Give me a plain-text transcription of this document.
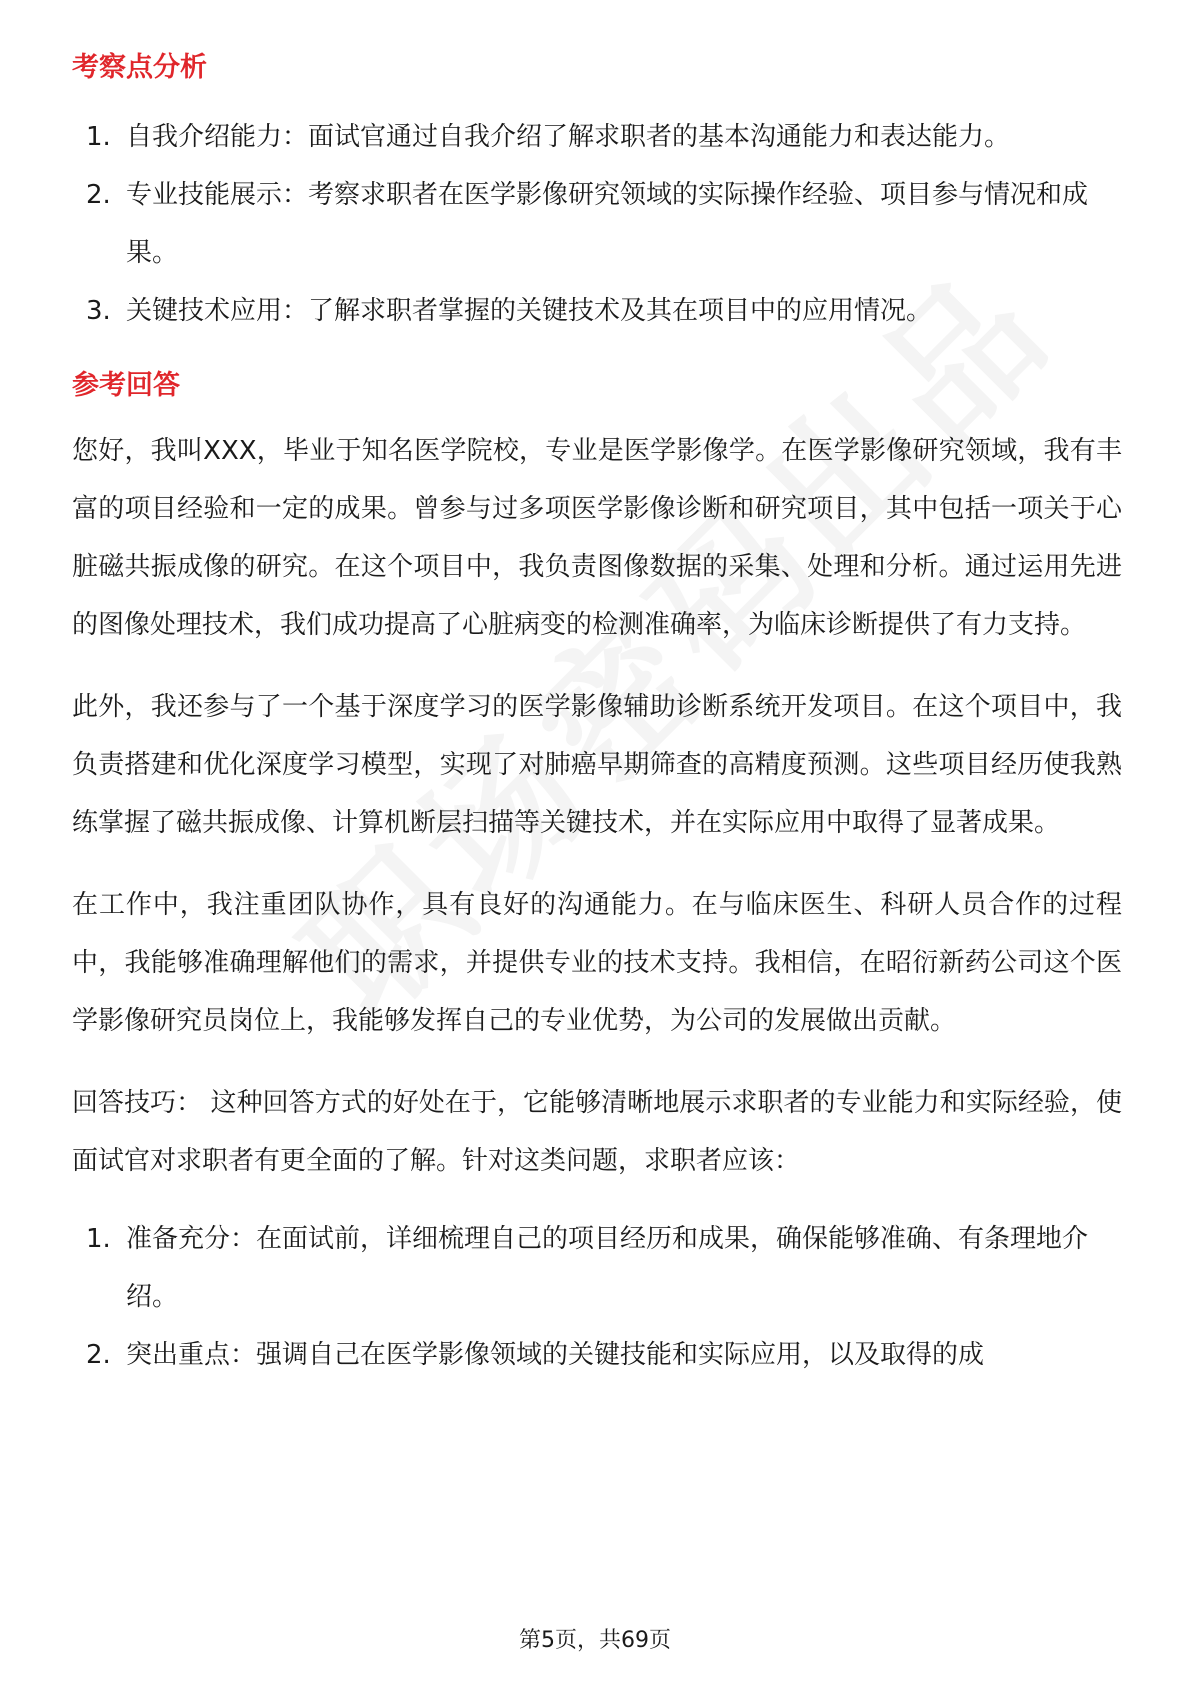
考察点分析
1. 自我介绍能力：面试官通过自我介绍了解求职者的基本沟通能力和表达能力。
2. 专业技能展示：考察求职者在医学影像研究领域的实际操作经验、项目参与情况和成果。
3. 关键技术应用：了解求职者掌握的关键技术及其在项目中的应用情况。
参考回答

您好，我叫XXX，毕业于知名医学院校，专业是医学影像学。在医学影像研究领域，我有丰富的项目经验和一定的成果。曾参与过多项医学影像诊断和研究项目，其中包括一项关于心脏磁共振成像的研究。在这个项目中，我负责图像数据的采集、处理和分析。通过运用先进的图像处理技术，我们成功提高了心脏病变的检测准确率，为临床诊断提供了有力支持。

此外，我还参与了一个基于深度学习的医学影像辅助诊断系统开发项目。在这个项目中，我负责搭建和优化深度学习模型，实现了对肺癌早期筛查的高精度预测。这些项目经历使我熟练掌握了磁共振成像、计算机断层扫描等关键技术，并在实际应用中取得了显著成果。

在工作中，我注重团队协作，具有良好的沟通能力。在与临床医生、科研人员合作的过程中，我能够准确理解他们的需求，并提供专业的技术支持。我相信，在昭衍新药公司这个医学影像研究员岗位上，我能够发挥自己的专业优势，为公司的发展做出贡献。

回答技巧： 这种回答方式的好处在于，它能够清晰地展示求职者的专业能力和实际经验，使面试官对求职者有更全面的了解。针对这类问题，求职者应该：

1. 准备充分：在面试前，详细梳理自己的项目经历和成果，确保能够准确、有条理地介绍。
2. 突出重点：强调自己在医学影像领域的关键技能和实际应用，以及取得的成
第5页，共69页
